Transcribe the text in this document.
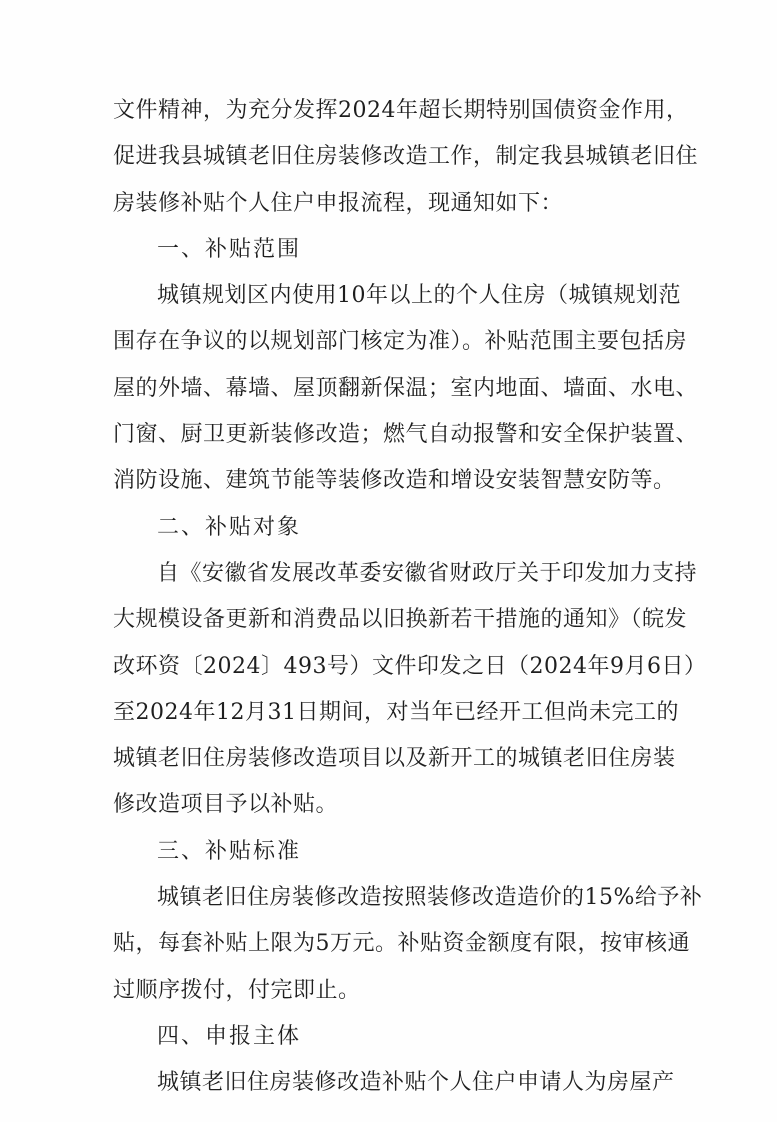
文件精神，为充分发挥2024年超长期特别国债资金作用，
促进我县城镇老旧住房装修改造工作，制定我县城镇老旧住
房装修补贴个人住户申报流程，现通知如下：
一、补贴范围
城镇规划区内使用10年以上的个人住房（城镇规划范
围存在争议的以规划部门核定为准）。补贴范围主要包括房
屋的外墙、幕墙、屋顶翻新保温；室内地面、墙面、水电、
门窗、厨卫更新装修改造；燃气自动报警和安全保护装置、
消防设施、建筑节能等装修改造和增设安装智慧安防等。
二、补贴对象
自《安徽省发展改革委安徽省财政厅关于印发加力支持
大规模设备更新和消费品以旧换新若干措施的通知》（皖发
改环资〔2024〕493号）文件印发之日（2024年9月6日）
至2024年12月31日期间，对当年已经开工但尚未完工的
城镇老旧住房装修改造项目以及新开工的城镇老旧住房装
修改造项目予以补贴。
三、补贴标准
城镇老旧住房装修改造按照装修改造造价的15%给予补
贴，每套补贴上限为5万元。补贴资金额度有限，按审核通
过顺序拨付，付完即止。
四、申报主体
城镇老旧住房装修改造补贴个人住户申请人为房屋产
